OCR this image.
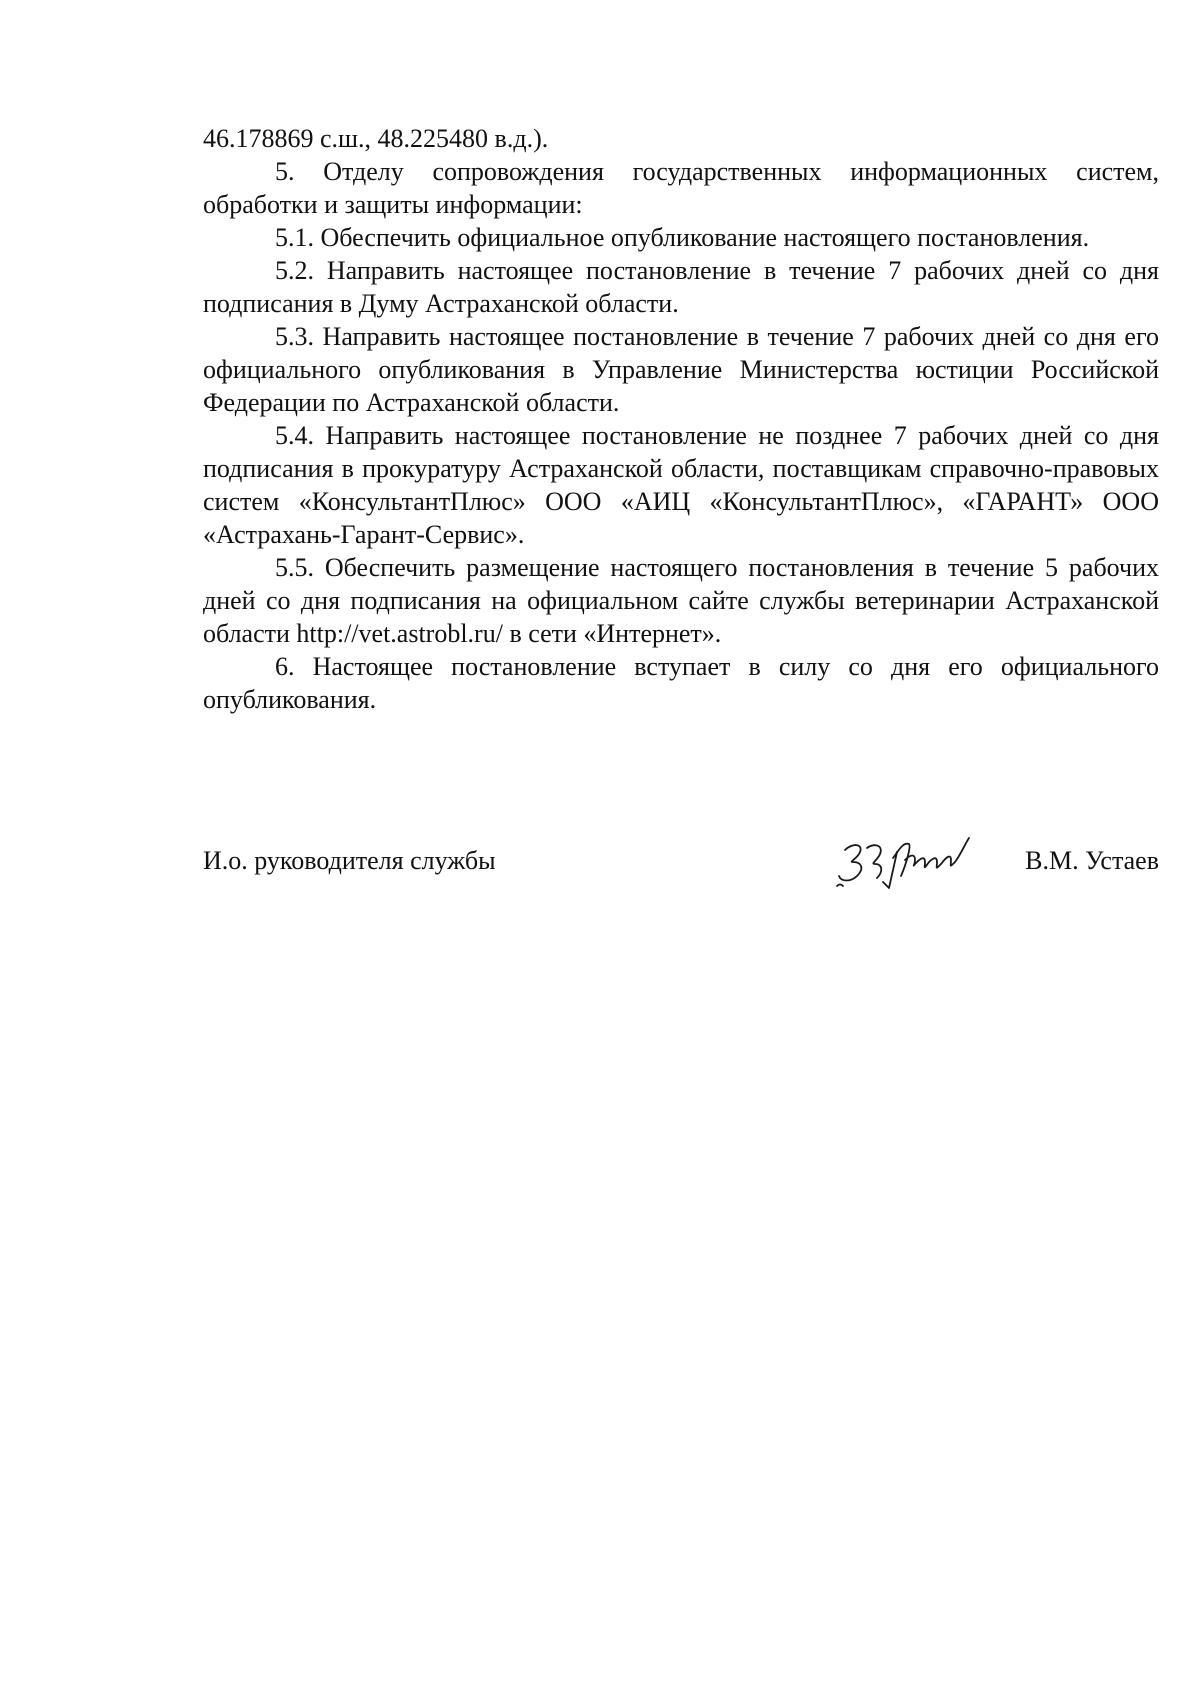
46.178869 с.ш., 48.225480 в.д.).

5. Отделу сопровождения государственных информационных систем, обработки и защиты информации:

5.1. Обеспечить официальное опубликование настоящего постановления.

5.2. Направить настоящее постановление в течение 7 рабочих дней со дня подписания в Думу Астраханской области.

5.3. Направить настоящее постановление в течение 7 рабочих дней со дня его официального опубликования в Управление Министерства юстиции Российской Федерации по Астраханской области.

5.4. Направить настоящее постановление не позднее 7 рабочих дней со дня подписания в прокуратуру Астраханской области, поставщикам справочно-правовых систем «КонсультантПлюс» ООО «АИЦ «КонсультантПлюс», «ГАРАНТ» ООО «Астрахань-Гарант-Сервис».

5.5. Обеспечить размещение настоящего постановления в течение 5 рабочих дней со дня подписания на официальном сайте службы ветеринарии Астраханской области http://vet.astrobl.ru/ в сети «Интернет».

6. Настоящее постановление вступает в силу со дня его официального опубликования.

И.о. руководителя службы	В.М. Устаев
